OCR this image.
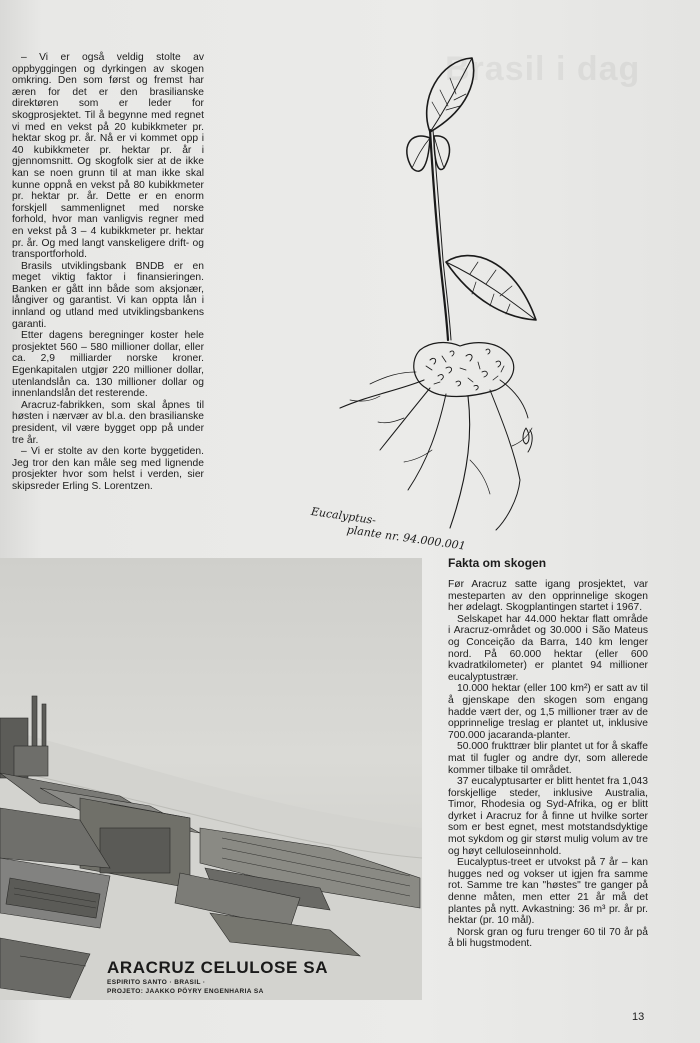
Brasil i dag

– Vi er også veldig stolte av oppbyggingen og dyrkingen av skogen omkring. Den som først og fremst har æren for det er den brasilianske direktøren som er leder for skogprosjektet. Til å begynne med regnet vi med en vekst på 20 kubikkmeter pr. hektar skog pr. år. Nå er vi kommet opp i 40 kubikkmeter pr. hektar pr. år i gjennomsnitt. Og skogfolk sier at de ikke kan se noen grunn til at man ikke skal kunne oppnå en vekst på 80 kubikkmeter pr. hektar pr. år. Dette er en enorm forskjell sammenlignet med norske forhold, hvor man vanligvis regner med en vekst på 3 – 4 kubikkmeter pr. hektar pr. år. Og med langt vanskeligere drift- og transportforhold.

Brasils utviklingsbank BNDB er en meget viktig faktor i finansieringen. Banken er gått inn både som aksjonær, långiver og garantist. Vi kan oppta lån i innland og utland med utviklingsbankens garanti.

Etter dagens beregninger koster hele prosjektet 560 – 580 millioner dollar, eller ca. 2,9 milliarder norske kroner. Egenkapitalen utgjør 220 millioner dollar, utenlandslån ca. 130 millioner dollar og innenlandslån det resterende.

Aracruz-fabrikken, som skal åpnes til høsten i nærvær av bl.a. den brasilianske president, vil være bygget opp på under tre år.

– Vi er stolte av den korte byggetiden. Jeg tror den kan måle seg med lignende prosjekter hvor som helst i verden, sier skipsreder Erling S. Lorentzen.

Eucalyptus-
plante nr. 94.000.001
ARACRUZ CELULOSE SA
ESPIRITO SANTO · BRASIL ·
PROJETO: JAAKKO PÖYRY ENGENHARIA SA
Fakta om skogen

Før Aracruz satte igang prosjektet, var mesteparten av den opprinnelige skogen her ødelagt. Skogplantingen startet i 1967.

Selskapet har 44.000 hektar flatt område i Aracruz-området og 30.000 i São Mateus og Conceição da Barra, 140 km lenger nord. På 60.000 hektar (eller 600 kvadratkilometer) er plantet 94 millioner eucalyptustrær.

10.000 hektar (eller 100 km²) er satt av til å gjenskape den skogen som engang hadde vært der, og 1,5 millioner trær av de opprinnelige treslag er plantet ut, inklusive 700.000 jacaranda-planter.

50.000 frukttrær blir plantet ut for å skaffe mat til fugler og andre dyr, som allerede kommer tilbake til området.

37 eucalyptusarter er blitt hentet fra 1,043 forskjellige steder, inklusive Australia, Timor, Rhodesia og Syd-Afrika, og er blitt dyrket i Aracruz for å finne ut hvilke sorter som er best egnet, mest motstandsdyktige mot sykdom og gir størst mulig volum av tre og høyt celluloseinnhold.

Eucalyptus-treet er utvokst på 7 år – kan hugges ned og vokser ut igjen fra samme rot. Samme tre kan "høstes" tre ganger på denne måten, men etter 21 år må det plantes på nytt. Avkastning: 36 m³ pr. år pr. hektar (pr. 10 mål).

Norsk gran og furu trenger 60 til 70 år på å bli hugstmodent.

13
